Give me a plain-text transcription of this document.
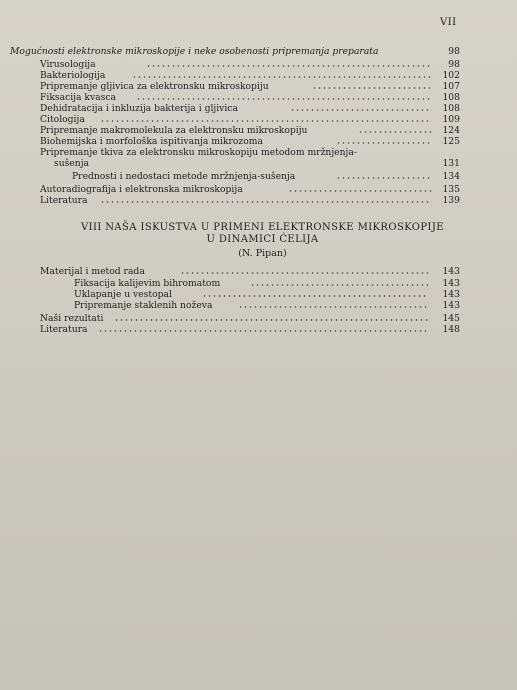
VII
Mogućnosti elektronske mikroskopije i neke osobenosti pripremanja preparata	98
Virusologija	98
Bakteriologija	102
Pripremanje gljivica za elektronsku mikroskopiju	107
Fiksacija kvasca	108
Dehidratacija i inkluzija bakterija i gljivica	108
Citologija	109
Pripremanje makromolekula za elektronsku mikroskopiju	124
Biohemijska i morfološka ispitivanja mikrozoma	125
Pripremanje tkiva za elektronsku mikroskopiju metodom mržnjenja-
sušenja	131
Prednosti i nedostaci metode mržnjenja-sušenja	134
Autoradiografija i elektronska mikroskopija	135
Literatura	139
VIII NAŠA ISKUSTVA U PRIMENI ELEKTRONSKE MIKROSKOPIJE
U DINAMICI ĆELIJA
(N. Pipan)
Materijal i metod rada	143
Fiksacija kalijevim bihromatom	143
Uklapanje u vestopal	143
Pripremanje staklenih noževa	143
Naši rezultati	145
Literatura	148
